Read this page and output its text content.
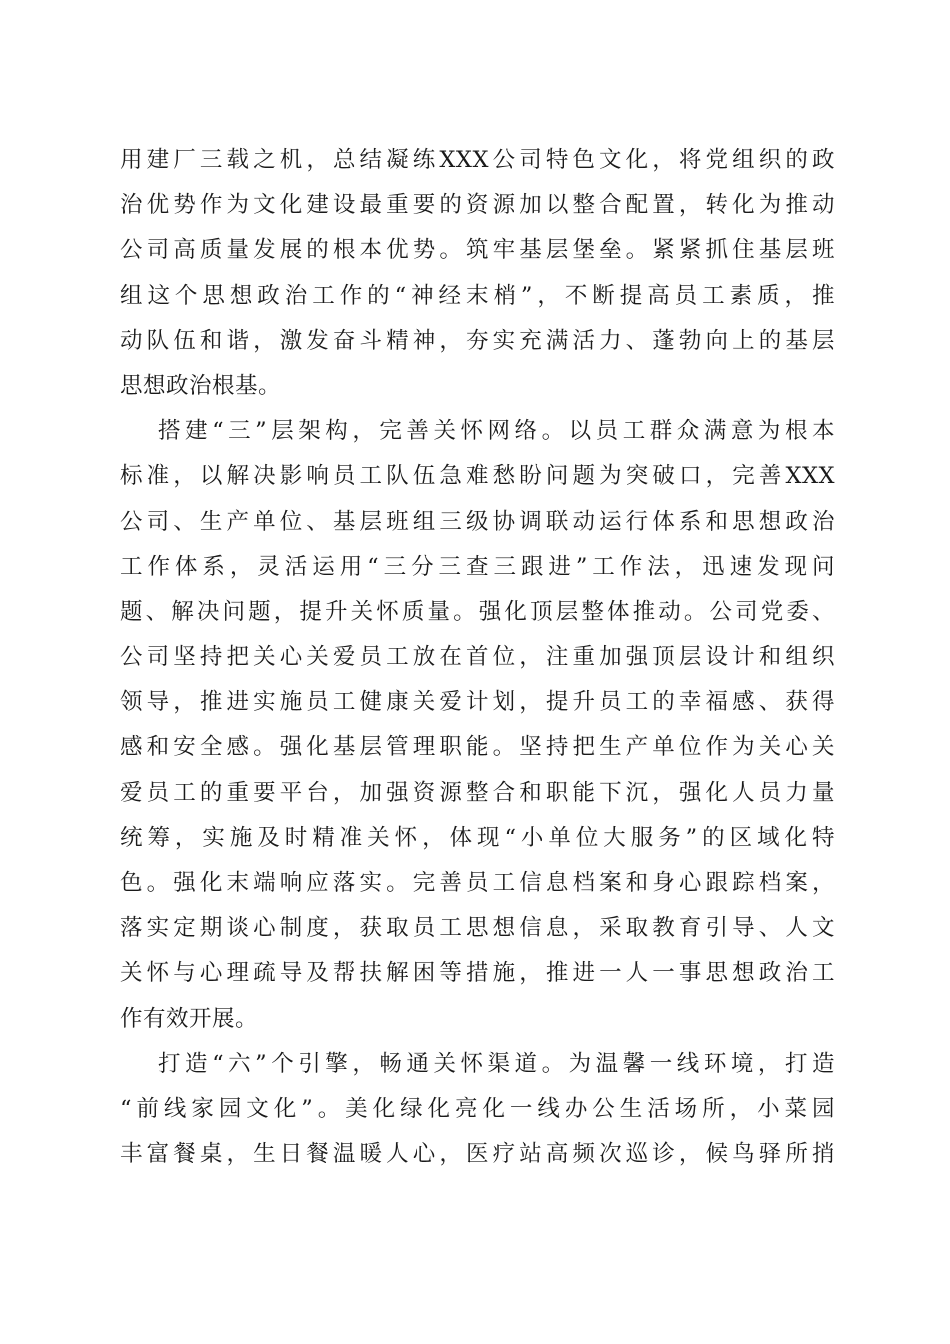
用建厂三载之机，总结凝练XXX公司特色文化，将党组织的政
治优势作为文化建设最重要的资源加以整合配置，转化为推动
公司高质量发展的根本优势。筑牢基层堡垒。紧紧抓住基层班
组这个思想政治工作的“神经末梢”，不断提高员工素质，推
动队伍和谐，激发奋斗精神，夯实充满活力、蓬勃向上的基层
思想政治根基。
搭建“三”层架构，完善关怀网络。以员工群众满意为根本
标准，以解决影响员工队伍急难愁盼问题为突破口，完善XXX
公司、生产单位、基层班组三级协调联动运行体系和思想政治
工作体系，灵活运用“三分三查三跟进”工作法，迅速发现问
题、解决问题，提升关怀质量。强化顶层整体推动。公司党委、
公司坚持把关心关爱员工放在首位，注重加强顶层设计和组织
领导，推进实施员工健康关爱计划，提升员工的幸福感、获得
感和安全感。强化基层管理职能。坚持把生产单位作为关心关
爱员工的重要平台，加强资源整合和职能下沉，强化人员力量
统筹，实施及时精准关怀，体现“小单位大服务”的区域化特
色。强化末端响应落实。完善员工信息档案和身心跟踪档案，
落实定期谈心制度，获取员工思想信息，采取教育引导、人文
关怀与心理疏导及帮扶解困等措施，推进一人一事思想政治工
作有效开展。
打造“六”个引擎，畅通关怀渠道。为温馨一线环境，打造
“前线家园文化”。美化绿化亮化一线办公生活场所，小菜园
丰富餐桌，生日餐温暖人心，医疗站高频次巡诊，候鸟驿所捎
